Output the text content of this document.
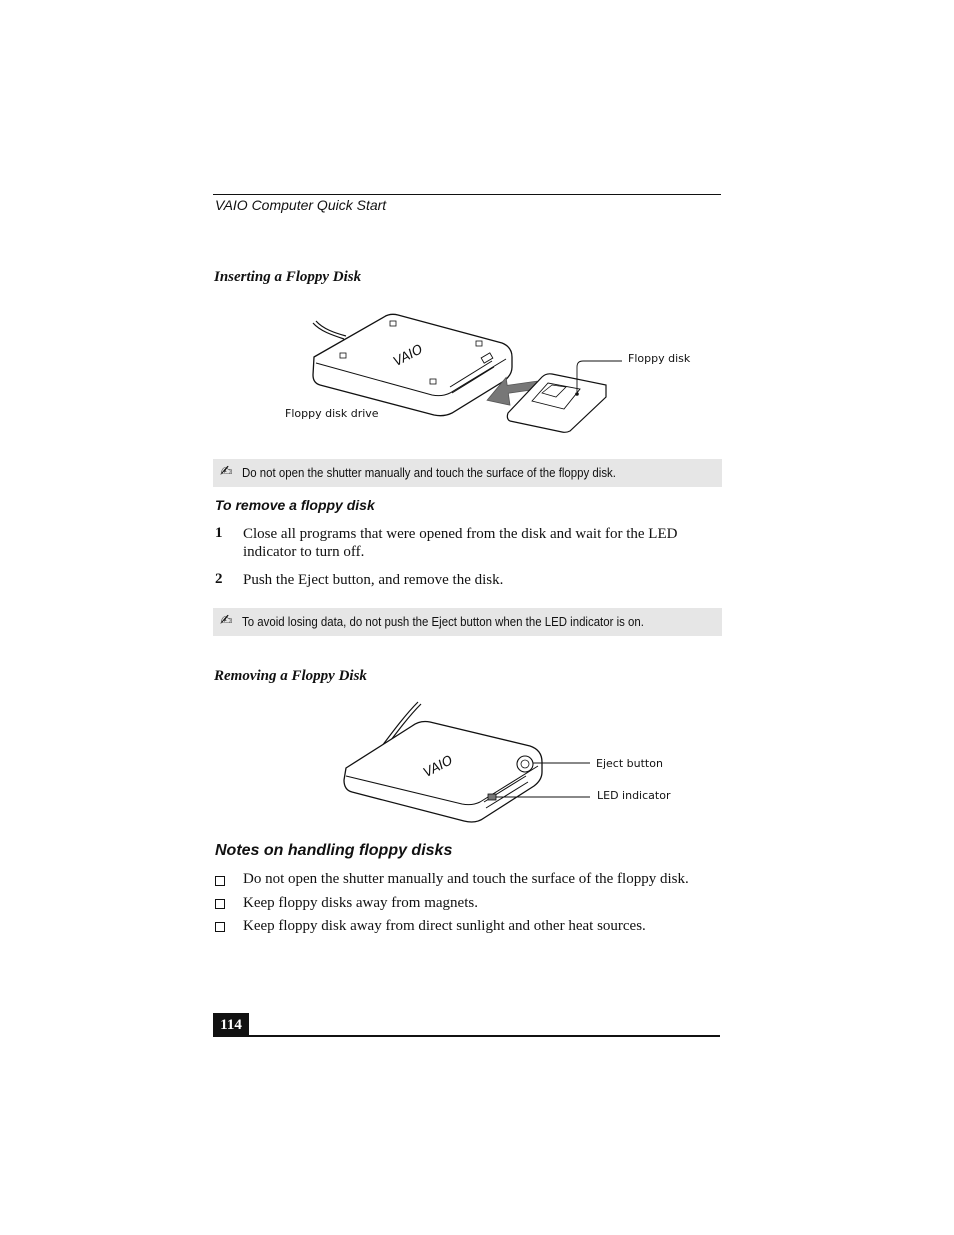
VAIO Computer Quick Start
Inserting a Floppy Disk
VAIO	Floppy disk
Floppy disk drive
✍ Do not open the shutter manually and touch the surface of the floppy disk.
To remove a floppy disk
1 Close all programs that were opened from the disk and wait for the LED indicator to turn off.
2 Push the Eject button, and remove the disk.
✍ To avoid losing data, do not push the Eject button when the LED indicator is on.
Removing a Floppy Disk
VAIO	Eject button
LED indicator
Notes on handling floppy disks
Do not open the shutter manually and touch the surface of the floppy disk.
Keep floppy disks away from magnets.
Keep floppy disk away from direct sunlight and other heat sources.
114
